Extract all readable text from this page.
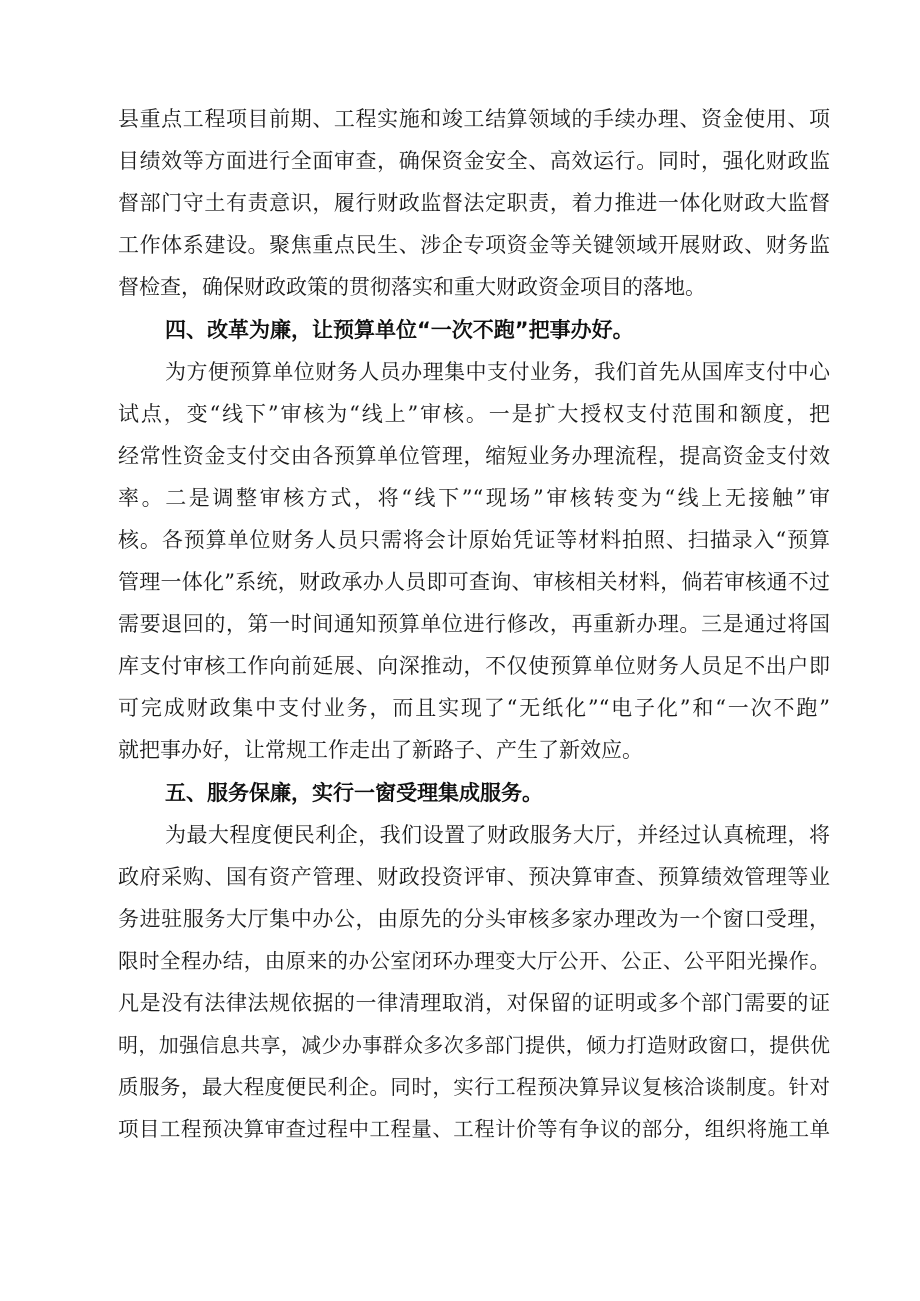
县重点工程项目前期、工程实施和竣工结算领域的手续办理、资金使用、项
目绩效等方面进行全面审查，确保资金安全、高效运行。同时，强化财政监
督部门守土有责意识，履行财政监督法定职责，着力推进一体化财政大监督
工作体系建设。聚焦重点民生、涉企专项资金等关键领域开展财政、财务监
督检查，确保财政政策的贯彻落实和重大财政资金项目的落地。
四、改革为廉，让预算单位“一次不跑”把事办好。
为方便预算单位财务人员办理集中支付业务，我们首先从国库支付中心
试点，变“线下”审核为“线上”审核。一是扩大授权支付范围和额度，把
经常性资金支付交由各预算单位管理，缩短业务办理流程，提高资金支付效
率。二是调整审核方式，将“线下”“现场”审核转变为“线上无接触”审
核。各预算单位财务人员只需将会计原始凭证等材料拍照、扫描录入“预算
管理一体化”系统，财政承办人员即可查询、审核相关材料，倘若审核通不过
需要退回的，第一时间通知预算单位进行修改，再重新办理。三是通过将国
库支付审核工作向前延展、向深推动，不仅使预算单位财务人员足不出户即
可完成财政集中支付业务，而且实现了“无纸化”“电子化”和“一次不跑”
就把事办好，让常规工作走出了新路子、产生了新效应。
五、服务保廉，实行一窗受理集成服务。
为最大程度便民利企，我们设置了财政服务大厅，并经过认真梳理，将
政府采购、国有资产管理、财政投资评审、预决算审查、预算绩效管理等业
务进驻服务大厅集中办公，由原先的分头审核多家办理改为一个窗口受理，
限时全程办结，由原来的办公室闭环办理变大厅公开、公正、公平阳光操作。
凡是没有法律法规依据的一律清理取消，对保留的证明或多个部门需要的证
明，加强信息共享，减少办事群众多次多部门提供，倾力打造财政窗口，提供优
质服务，最大程度便民利企。同时，实行工程预决算异议复核洽谈制度。针对
项目工程预决算审查过程中工程量、工程计价等有争议的部分，组织将施工单
